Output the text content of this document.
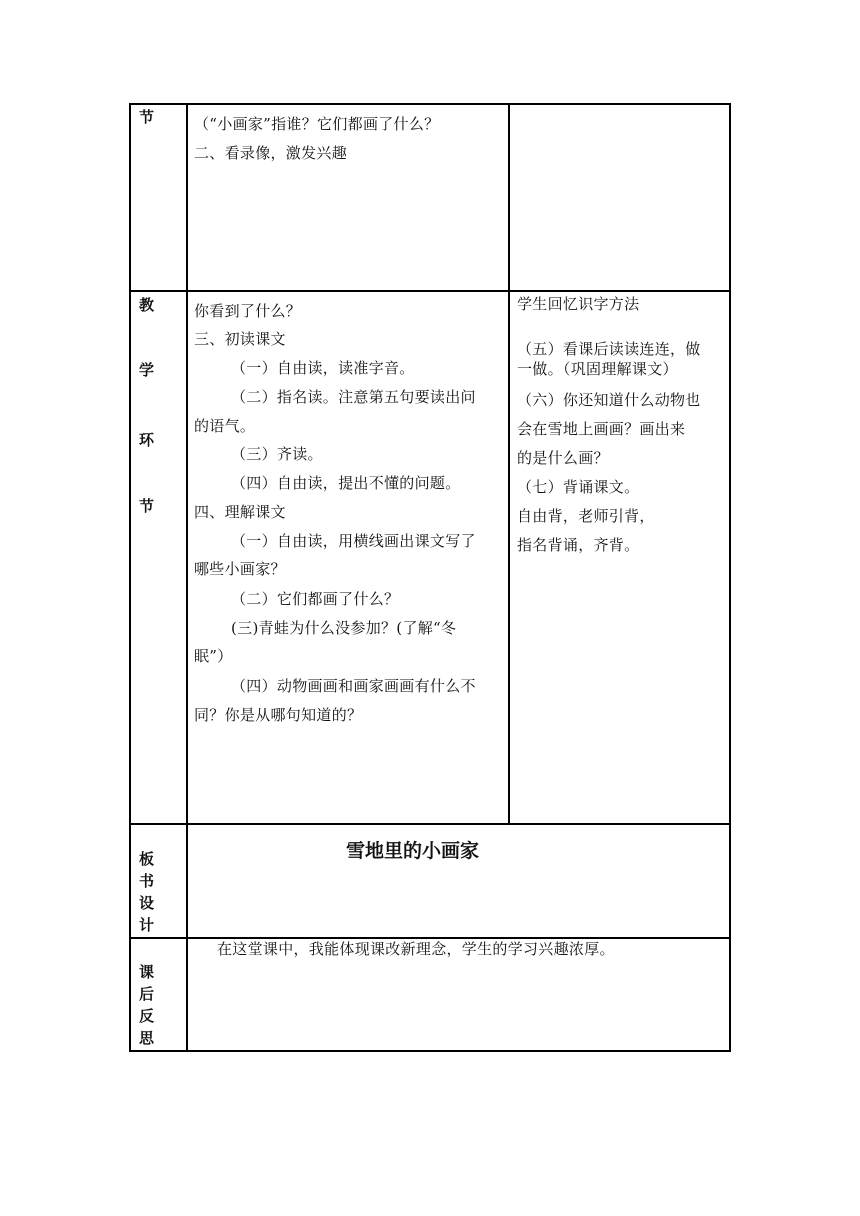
节	（“小画家”指谁？它们都画了什么？
二、看录像，激发兴趣
教
学
环
节
你看到了什么？
三、初读课文
（一）自由读，读准字音。
（二）指名读。注意第五句要读出问
的语气。
（三）齐读。
（四）自由读，提出不懂的问题。
四、理解课文
（一）自由读，用横线画出课文写了
哪些小画家？
（二）它们都画了什么？
(三)青蛙为什么没参加？(了解“冬
眠”）
（四）动物画画和画家画画有什么不
同？你是从哪句知道的？
学生回忆识字方法
（五）看课后读读连连，做
一做。（巩固理解课文）
（六）你还知道什么动物也
会在雪地上画画？画出来
的是什么画？
（七）背诵课文。
自由背，老师引背，
指名背诵，齐背。
板
书
设
计
雪地里的小画家
课
后
反
思
在这堂课中，我能体现课改新理念，学生的学习兴趣浓厚。
